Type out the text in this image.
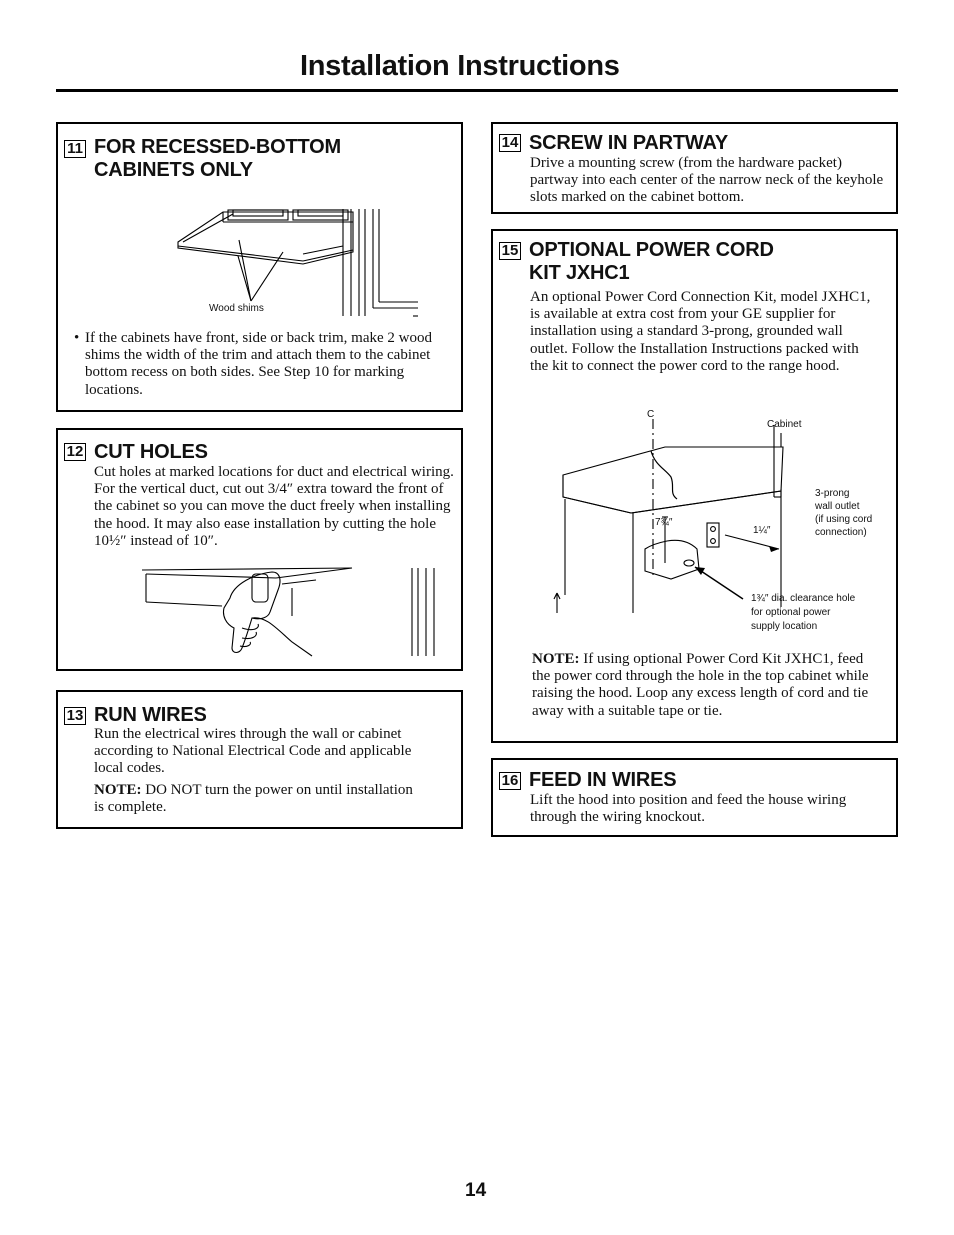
Installation Instructions
11 FOR RECESSED-BOTTOM
CABINETS ONLY
Wood shims
• If the cabinets have front, side or back trim, make 2 wood shims the width of the trim and attach them to the cabinet bottom recess on both sides. See Step 10 for marking locations.
12 CUT HOLES
Cut holes at marked locations for duct and electrical wiring. For the vertical duct, cut out 3/4″ extra toward the front of the cabinet so you can move the duct freely when installing the hood. It may also ease installation by cutting the hole 10½″ instead of 10″.
13 RUN WIRES
Run the electrical wires through the wall or cabinet according to National Electrical Code and applicable local codes.
NOTE: DO NOT turn the power on until installation is complete.
14 SCREW IN PARTWAY
Drive a mounting screw (from the hardware packet) partway into each center of the narrow neck of the keyhole slots marked on the cabinet bottom.
15 OPTIONAL POWER CORD
KIT JXHC1
An optional Power Cord Connection Kit, model JXHC1, is available at extra cost from your GE supplier for installation using a standard 3-prong, grounded wall outlet. Follow the Installation Instructions packed with the kit to connect the power cord to the range hood.
C
Cabinet
3-prong
wall outlet
(if using cord
connection)
7¾″
1¼″
1¾″ dia. clearance hole
for optional power
supply location
NOTE: If using optional Power Cord Kit JXHC1, feed the power cord through the hole in the top cabinet while raising the hood. Loop any excess length of cord and tie away with a suitable tape or tie.
16 FEED IN WIRES
Lift the hood into position and feed the house wiring through the wiring knockout.
14
